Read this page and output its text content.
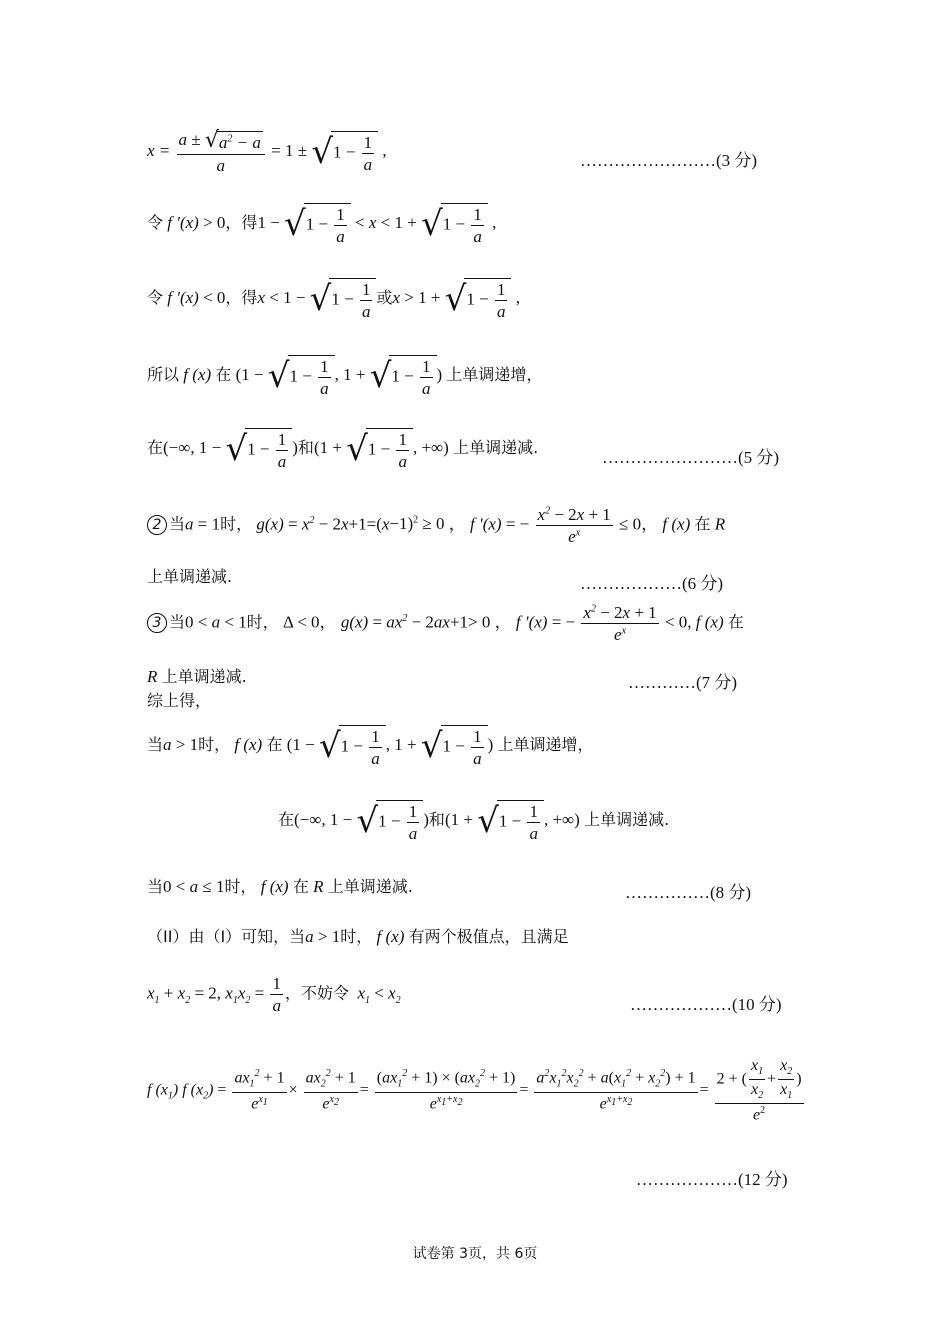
$x = \frac{a \pm √a^2 - a}{a} = 1 \pm √1 - \frac{1}{a}$ ,
……………………(3 分)
令 f ′(x) > 0，得$1 - √1 - \frac{1}{a} < x < 1 + √1 - \frac{1}{a}$ ,
令 f ′(x) < 0，得$x < 1 - √1 - \frac{1}{a}$ 或$x > 1 + √1 - \frac{1}{a}$ ,
所以 f (x) 在 ($1 - √1 - \frac{1}{a}$ , $1 + √1 - \frac{1}{a}$ ) 上单调递增，
在(−∞, $1 - √1 - \frac{1}{a}$ )和($1 + √1 - \frac{1}{a}$ , +∞) 上单调递减.
……………………(5 分)
2 当a = 1时， $g(x) = x^2 - 2x+1=(x-1)^2 \ge 0$ ， f ′(x) = − $\frac{x^2 - 2x + 1}{e^x} \le 0$， f (x) 在 R
上单调递减.	………………(6 分)
3 当0 < a < 1时， Δ < 0， $g(x) = ax^2 - 2ax+1> 0$ ， f ′(x) = − $\frac{x^2 - 2x + 1}{e^x} < 0$, f (x) 在
R 上单调递减.	…………(7 分)
综上得，
当a > 1时， f (x) 在 ($1 - √1 - \frac{1}{a}$ , $1 + √1 - \frac{1}{a}$ ) 上单调递增，
在(−∞, $1 - √1 - \frac{1}{a}$ )和($1 + √1 - \frac{1}{a}$ , +∞) 上单调递减.
当0 < a ≤ 1时， f (x) 在 R 上单调递减.	……………(8 分)
（II）由（I）可知，当a > 1时， f (x) 有两个极值点，且满足
$x_1 + x_2 = 2$, $x_1x_2 = \frac{1}{a}$ ，不妨令  $x_1 < x_2$	………………(10 分)
f $(x_1)$ f $(x_2) = \frac{ax_1^2 + 1}{e^{x_1}} \times \frac{ax_2^2 + 1}{e^{x_2}} = \frac{(ax_1^2 + 1) \times (ax_2^2 + 1)}{e^{x_1+x_2}} = \frac{a^2x_1^2x_2^2 + a(x_1^2 + x_2^2) + 1}{e^{x_1+x_2}} = \frac{2 + ( \frac{x_1}{x_2} + \frac{x_2}{x_1} )}{e^2}$
………………(12 分)
试卷第 3页，共 6页
